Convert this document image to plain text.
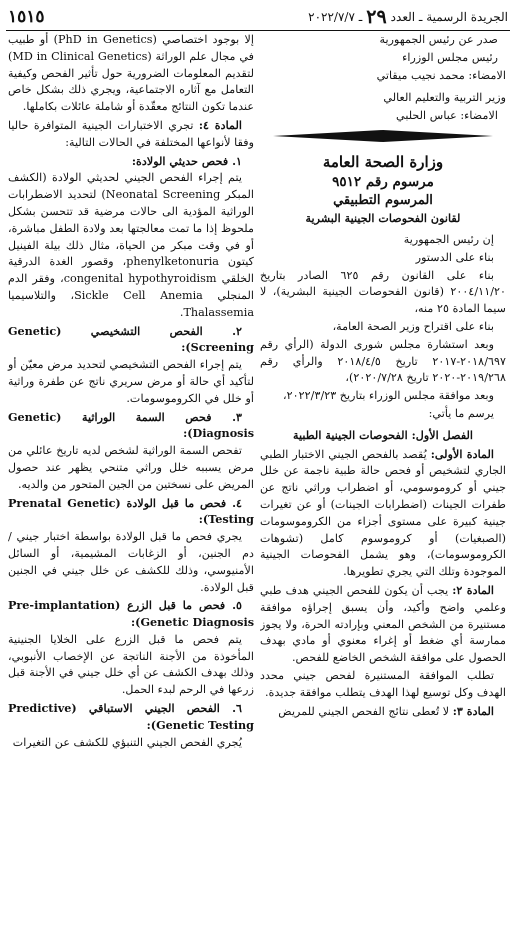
الجريدة الرسمية ـ العدد
٢٩
ـ ٢٠٢٢/٧/٧
١٥١٥

صدر عن رئيس الجمهورية

رئيس مجلس الوزراء

الامضاء: محمد نجيب ميقاتي

وزير التربية والتعليم العالي

الامضاء: عباس الحلبي

وزارة الصحة العامة
مرسوم رقم ٩٥١٢
المرسوم التطبيقي
لقانون الفحوصات الجينية البشرية

إن رئيس الجمهورية

بناء على الدستور

بناء على القانون رقم ٦٢٥ الصادر بتاريخ ٢٠٠٤/١١/٢٠ (قانون الفحوصات الجينية البشرية)، لا سيما المادة ٢٥ منه،

بناء على اقتراح وزير الصحة العامة،

وبعد استشارة مجلس شورى الدولة (الرأي رقم ٢٠١٨/٦٩٧-٢٠١٧ تاريخ ٢٠١٨/٤/٥ والرأي رقم ٢٠١٩/٢٦٨-٢٠٢٠ تاريخ ٢٠٢٠/٧/٢٨)،

وبعد موافقة مجلس الوزراء بتاريخ ٢٠٢٢/٣/٢٣،

يرسم ما يأتي:

الفصل الأول: الفحوصات الجينية الطبية

المادة الأولى: يُقصد بالفحص الجيني الاختبار الطبي الجاري لتشخيص أو فحص حالة طبية ناجمة عن خلل جيني أو كروموسومي، أو اضطراب وراثي ناتج عن طفرات الجينات (اضطرابات الجينات) أو عن تغيرات جينية كبيرة على مستوى أجزاء من الكروموسومات (الصبغيات) أو كروموسوم كامل (تشوهات الكروموسومات)، وهو يشمل الفحوصات الجينية الموجودة وتلك التي يجري تطويرها.

المادة ٢: يجب أن يكون للفحص الجيني هدف طبي وعلمي واضح وأكيد، وأن يسبق إجراؤه موافقة مستنيرة من الشخص المعني وبإرادته الحرة، ولا يجوز ممارسة أي ضغط أو إغراء معنوي أو مادي بهدف الحصول على موافقة الشخص الخاضع للفحص.

تطلب الموافقة المستنيرة لفحص جيني محدد الهدف وكل توسيع لهذا الهدف يتطلب موافقة جديدة.

المادة ٣: لا تُعطى نتائج الفحص الجيني للمريض

إلا بوجود اختصاصي (PhD in Genetics) أو طبيب في مجال علم الوراثة (MD in Clinical Genetics) لتقديم المعلومات الضرورية حول تأثير الفحص وكيفية التعامل مع آثاره الاجتماعية، ويجري ذلك بشكل خاص عندما تكون النتائج معقّدة أو شاملة عائلات بكاملها.

المادة ٤: تجري الاختبارات الجينية المتوافرة حاليا وفقا لأنواعها المختلفة في الحالات التالية:

١. فحص حديثي الولادة:

يتم إجراء الفحص الجيني لحديثي الولادة (الكشف المبكر Neonatal Screening) لتحديد الاضطرابات الوراثية المؤدية الى حالات مرضية قد تتحسن بشكل ملحوظ إذا ما تمت معالجتها بعد ولادة الطفل مباشرة، أو في وقت مبكر من الحياة، مثال ذلك بيلة الفينيل كيتون phenylketonuria، وقصور الغدة الدرقية الخلقي congenital hypothyroidism، وفقر الدم المنجلي Sickle Cell Anemia، والتلاسيميا Thalassemia.

٢. الفحص التشخيصي (Genetic Screening):

يتم إجراء الفحص التشخيصي لتحديد مرض معيّن أو لتأكيد أي حالة أو مرض سريري ناتج عن طفرة وراثية أو خلل في الكروموسومات.

٣. فحص السمة الوراثية (Genetic Diagnosis):

تفحص السمة الوراثية لشخص لديه تاريخ عائلي من مرض يسببه خلل وراثي متنحي يظهر عند حصول المريض على نسختين من الجين المتحور من والديه.

٤. فحص ما قبل الولادة (Prenatal Genetic Testing):

يجري فحص ما قبل الولادة بواسطة اختبار جيني /دم الجنين، أو الزغابات المشيمية، أو السائل الأمنيوسي، وذلك للكشف عن خلل جيني في الجنين قبل الولادة.

٥. فحص ما قبل الزرع (Pre-implantation Genetic Diagnosis):

يتم فحص ما قبل الزرع على الخلايا الجنينية المأخوذة من الأجنة الناتجة عن الإخصاب الأنبوبي، وذلك بهدف الكشف عن أي خلل جيني في الأجنة قبل زرعها في الرحم لبدء الحمل.

٦. الفحص الجيني الاستباقي (Predictive Genetic Testing):

يُجري الفحص الجيني التنبؤي للكشف عن التغيرات
